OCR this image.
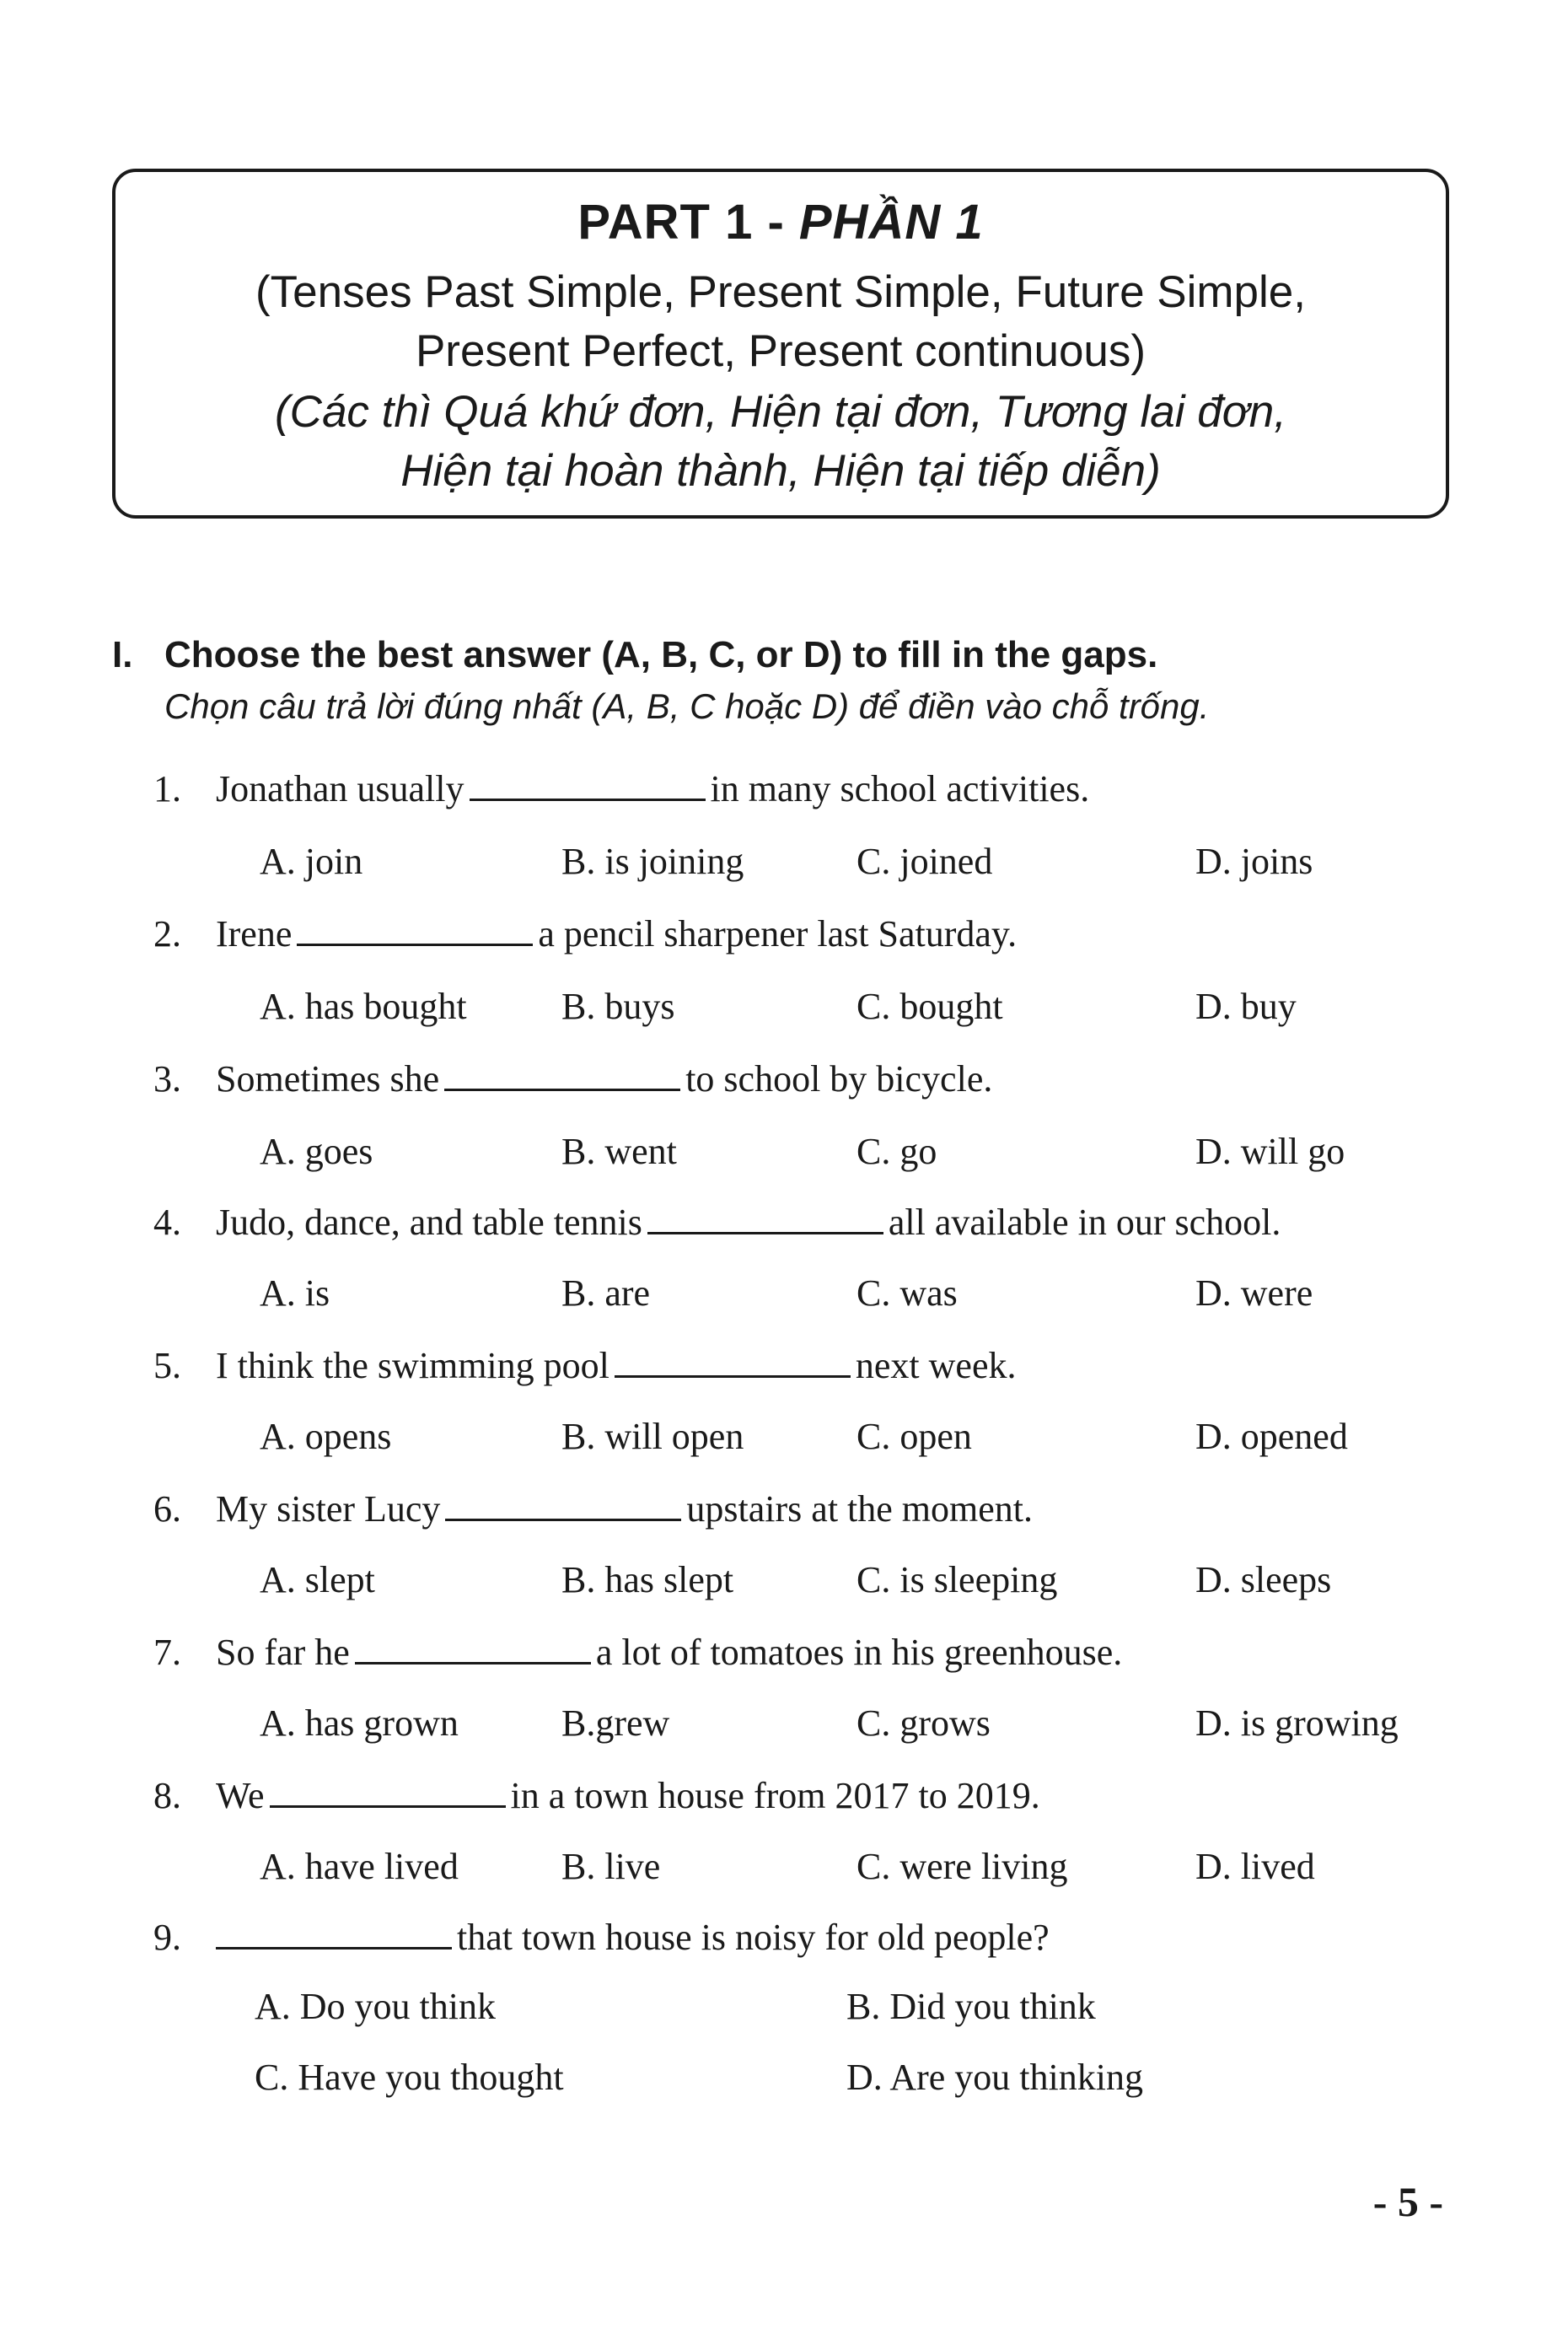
PART 1 - PHẦN 1
(Tenses Past Simple, Present Simple, Future Simple,
Present Perfect, Present continuous)
(Các thì Quá khứ đơn, Hiện tại đơn, Tương lai đơn,
Hiện tại hoàn thành, Hiện tại tiếp diễn)
I. Choose the best answer (A, B, C, or D) to fill in the gaps.
Chọn câu trả lời đúng nhất (A, B, C hoặc D) để điền vào chỗ trống.
1. Jonathan usually	in many school activities.
A. join	B. is joining	C. joined	D. joins
2. Irene	a pencil sharpener last Saturday.
A. has bought	B. buys	C. bought	D. buy
3. Sometimes she	to school by bicycle.
A. goes	B. went	C. go	D. will go
4. Judo, dance, and table tennis	all available in our school.
A. is	B. are	C. was	D. were
5. I think the swimming pool	next week.
A. opens	B. will open	C. open	D. opened
6. My sister Lucy	upstairs at the moment.
A. slept	B. has slept	C. is sleeping	D. sleeps
7. So far he	a lot of tomatoes in his greenhouse.
A. has grown	B.grew	C. grows	D. is growing
8. We	in a town house from 2017 to 2019.
A. have lived	B. live	C. were living	D. lived
9.	that town house is noisy for old people?
A. Do you think	B. Did you think
C. Have you thought	D. Are you thinking
- 5 -
